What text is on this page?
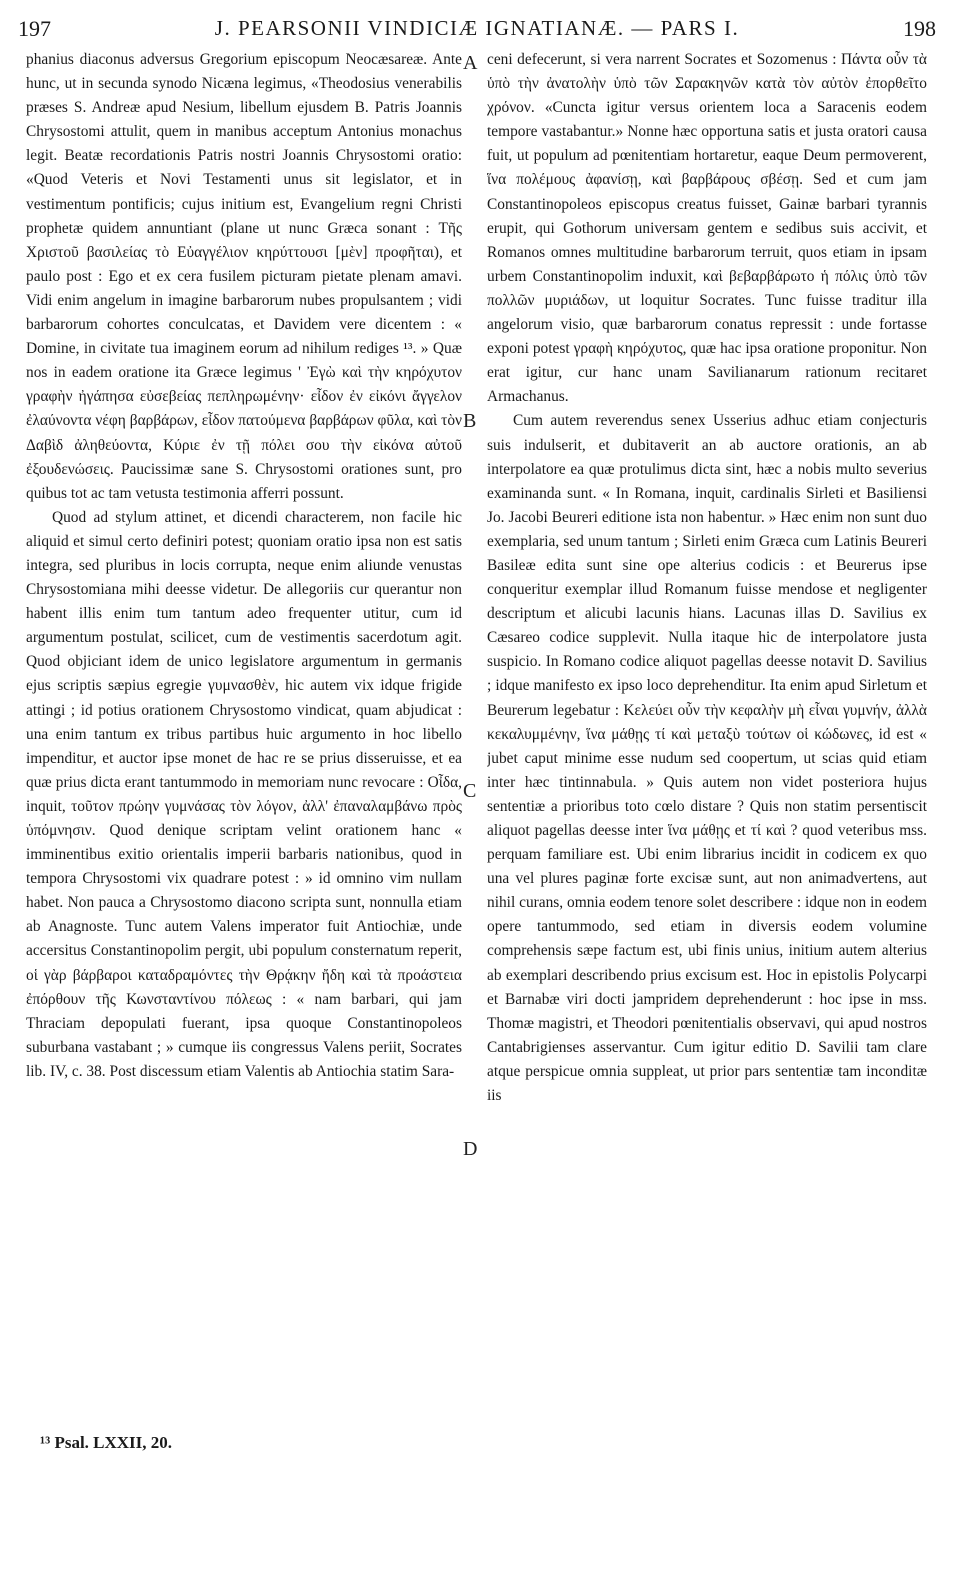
197	J. PEARSONII VINDICIÆ IGNATIANÆ. — PARS I.	198

phanius diaconus adversus Gregorium episcopum Neocæsareæ. Ante hunc, ut in secunda synodo Nicæna legimus, «Theodosius venerabilis præses S. Andreæ apud Nesium, libellum ejusdem B. Patris Joannis Chrysostomi attulit, quem in manibus acceptum Antonius monachus legit. Beatæ recordationis Patris nostri Joannis Chrysostomi oratio: «Quod Veteris et Novi Testamenti unus sit legislator, et in vestimentum pontificis; cujus initium est, Evangelium regni Christi prophetæ quidem annuntiant (plane ut nunc Græca sonant : Τῆς Χριστοῦ βασιλείας τὸ Εὐαγγέλιον κηρύττουσι [μὲν] προφῆται), et paulo post : Ego et ex cera fusilem picturam pietate plenam amavi. Vidi enim angelum in imagine barbarorum nubes propulsantem ; vidi barbarorum cohortes conculcatas, et Davidem vere dicentem : « Domine, in civitate tua imaginem eorum ad nihilum rediges ¹³. » Quæ nos in eadem oratione ita Græce legimus ' Ἐγὼ καὶ τὴν κηρόχυτον γραφὴν ἠγάπησα εὐσεβείας πεπληρωμένην· εἶδον ἐν εἰκόνι ἄγγελον ἐλαύνοντα νέφη βαρβάρων, εἶδον πατούμενα βαρβάρων φῦλα, καὶ τὸν Δαβὶδ ἀληθεύοντα, Κύριε ἐν τῇ πόλει σου τὴν εἰκόνα αὐτοῦ ἐξουδενώσεις. Paucissimæ sane S. Chrysostomi orationes sunt, pro quibus tot ac tam vetusta testimonia afferri possunt.

Quod ad stylum attinet, et dicendi characterem, non facile hic aliquid et simul certo definiri potest; quoniam oratio ipsa non est satis integra, sed pluribus in locis corrupta, neque enim aliunde venustas Chrysostomiana mihi deesse videtur. De allegoriis cur querantur non habent illis enim tum tantum adeo frequenter utitur, cum id argumentum postulat, scilicet, cum de vestimentis sacerdotum agit. Quod objiciant idem de unico legislatore argumentum in germanis ejus scriptis sæpius egregie γυμνασθὲν, hic autem vix idque frigide attingi ; id potius orationem Chrysostomo vindicat, quam abjudicat : una enim tantum ex tribus partibus huic argumento in hoc libello impenditur, et auctor ipse monet de hac re se prius disseruisse, et ea quæ prius dicta erant tantummodo in memoriam nunc revocare : Οἶδα, inquit, τοῦτον πρώην γυμνάσας τὸν λόγον, ἀλλ' ἐπαναλαμβάνω πρὸς ὑπόμνησιν. Quod denique scriptam velint orationem hanc « imminentibus exitio orientalis imperii barbaris nationibus, quod in tempora Chrysostomi vix quadrare potest : » id omnino vim nullam habet. Non pauca a Chrysostomo diacono scripta sunt, nonnulla etiam ab Anagnoste. Tunc autem Valens imperator fuit Antiochiæ, unde accersitus Constantinopolim pergit, ubi populum consternatum reperit, οἱ γὰρ βάρβαροι καταδραμόντες τὴν Θρᾴκην ἤδη καὶ τὰ προάστεια ἐπόρθουν τῆς Κωνσταντίνου πόλεως : « nam barbari, qui jam Thraciam depopulati fuerant, ipsa quoque Constantinopoleos suburbana vastabant ; » cumque iis congressus Valens periit, Socrates lib. IV, c. 38. Post discessum etiam Valentis ab Antiochia statim Sara-

A
B
C
D

ceni defecerunt, si vera narrent Socrates et Sozomenus : Πάντα οὖν τὰ ὑπὸ τὴν ἀνατολὴν ὑπὸ τῶν Σαρακηνῶν κατὰ τὸν αὐτὸν ἐπορθεῖτο χρόνον. «Cuncta igitur versus orientem loca a Saracenis eodem tempore vastabantur.» Nonne hæc opportuna satis et justa oratori causa fuit, ut populum ad pœnitentiam hortaretur, eaque Deum permoverent, ἵνα πολέμους ἀφανίσῃ, καὶ βαρβάρους σβέσῃ. Sed et cum jam Constantinopoleos episcopus creatus fuisset, Gainæ barbari tyrannis erupit, qui Gothorum universam gentem e sedibus suis accivit, et Romanos omnes multitudine barbarorum terruit, quos etiam in ipsam urbem Constantinopolim induxit, καὶ βεβαρβάρωτο ἡ πόλις ὑπὸ τῶν πολλῶν μυριάδων, ut loquitur Socrates. Tunc fuisse traditur illa angelorum visio, quæ barbarorum conatus repressit : unde fortasse exponi potest γραφὴ κηρόχυτος, quæ hac ipsa oratione proponitur. Non erat igitur, cur hanc unam Savilianarum rationum recitaret Armachanus.

Cum autem reverendus senex Usserius adhuc etiam conjecturis suis indulserit, et dubitaverit an ab auctore orationis, an ab interpolatore ea quæ protulimus dicta sint, hæc a nobis multo severius examinanda sunt. « In Romana, inquit, cardinalis Sirleti et Basiliensi Jo. Jacobi Beureri editione ista non habentur. » Hæc enim non sunt duo exemplaria, sed unum tantum ; Sirleti enim Græca cum Latinis Beureri Basileæ edita sunt sine ope alterius codicis : et Beurerus ipse conqueritur exemplar illud Romanum fuisse mendose et negligenter descriptum et alicubi lacunis hians. Lacunas illas D. Savilius ex Cæsareo codice supplevit. Nulla itaque hic de interpolatore justa suspicio. In Romano codice aliquot pagellas deesse notavit D. Savilius ; idque manifesto ex ipso loco deprehenditur. Ita enim apud Sirletum et Beurerum legebatur : Κελεύει οὖν τὴν κεφαλὴν μὴ εἶναι γυμνήν, ἀλλὰ κεκαλυμμένην, ἵνα μάθῃς τί καὶ μεταξὺ τούτων οἱ κώδωνες, id est « jubet caput minime esse nudum sed coopertum, ut scias quid etiam inter hæc tintinnabula. » Quis autem non videt posteriora hujus sententiæ a prioribus toto cœlo distare ? Quis non statim persentiscit aliquot pagellas deesse inter ἵνα μάθῃς et τί καὶ ? quod veteribus mss. perquam familiare est. Ubi enim librarius incidit in codicem ex quo una vel plures paginæ forte excisæ sunt, aut non animadvertens, aut nihil curans, omnia eodem tenore solet describere : idque non in eodem opere tantummodo, sed etiam in diversis eodem volumine comprehensis sæpe factum est, ubi finis unius, initium autem alterius ab exemplari describendo prius excisum est. Hoc in epistolis Polycarpi et Barnabæ viri docti jampridem deprehenderunt : hoc ipse in mss. Thomæ magistri, et Theodori pœnitentialis observavi, qui apud nostros Cantabrigienses asservantur. Cum igitur editio D. Savilii tam clare atque perspicue omnia suppleat, ut prior pars sententiæ tam inconditæ iis

¹³ Psal. LXXII, 20.
